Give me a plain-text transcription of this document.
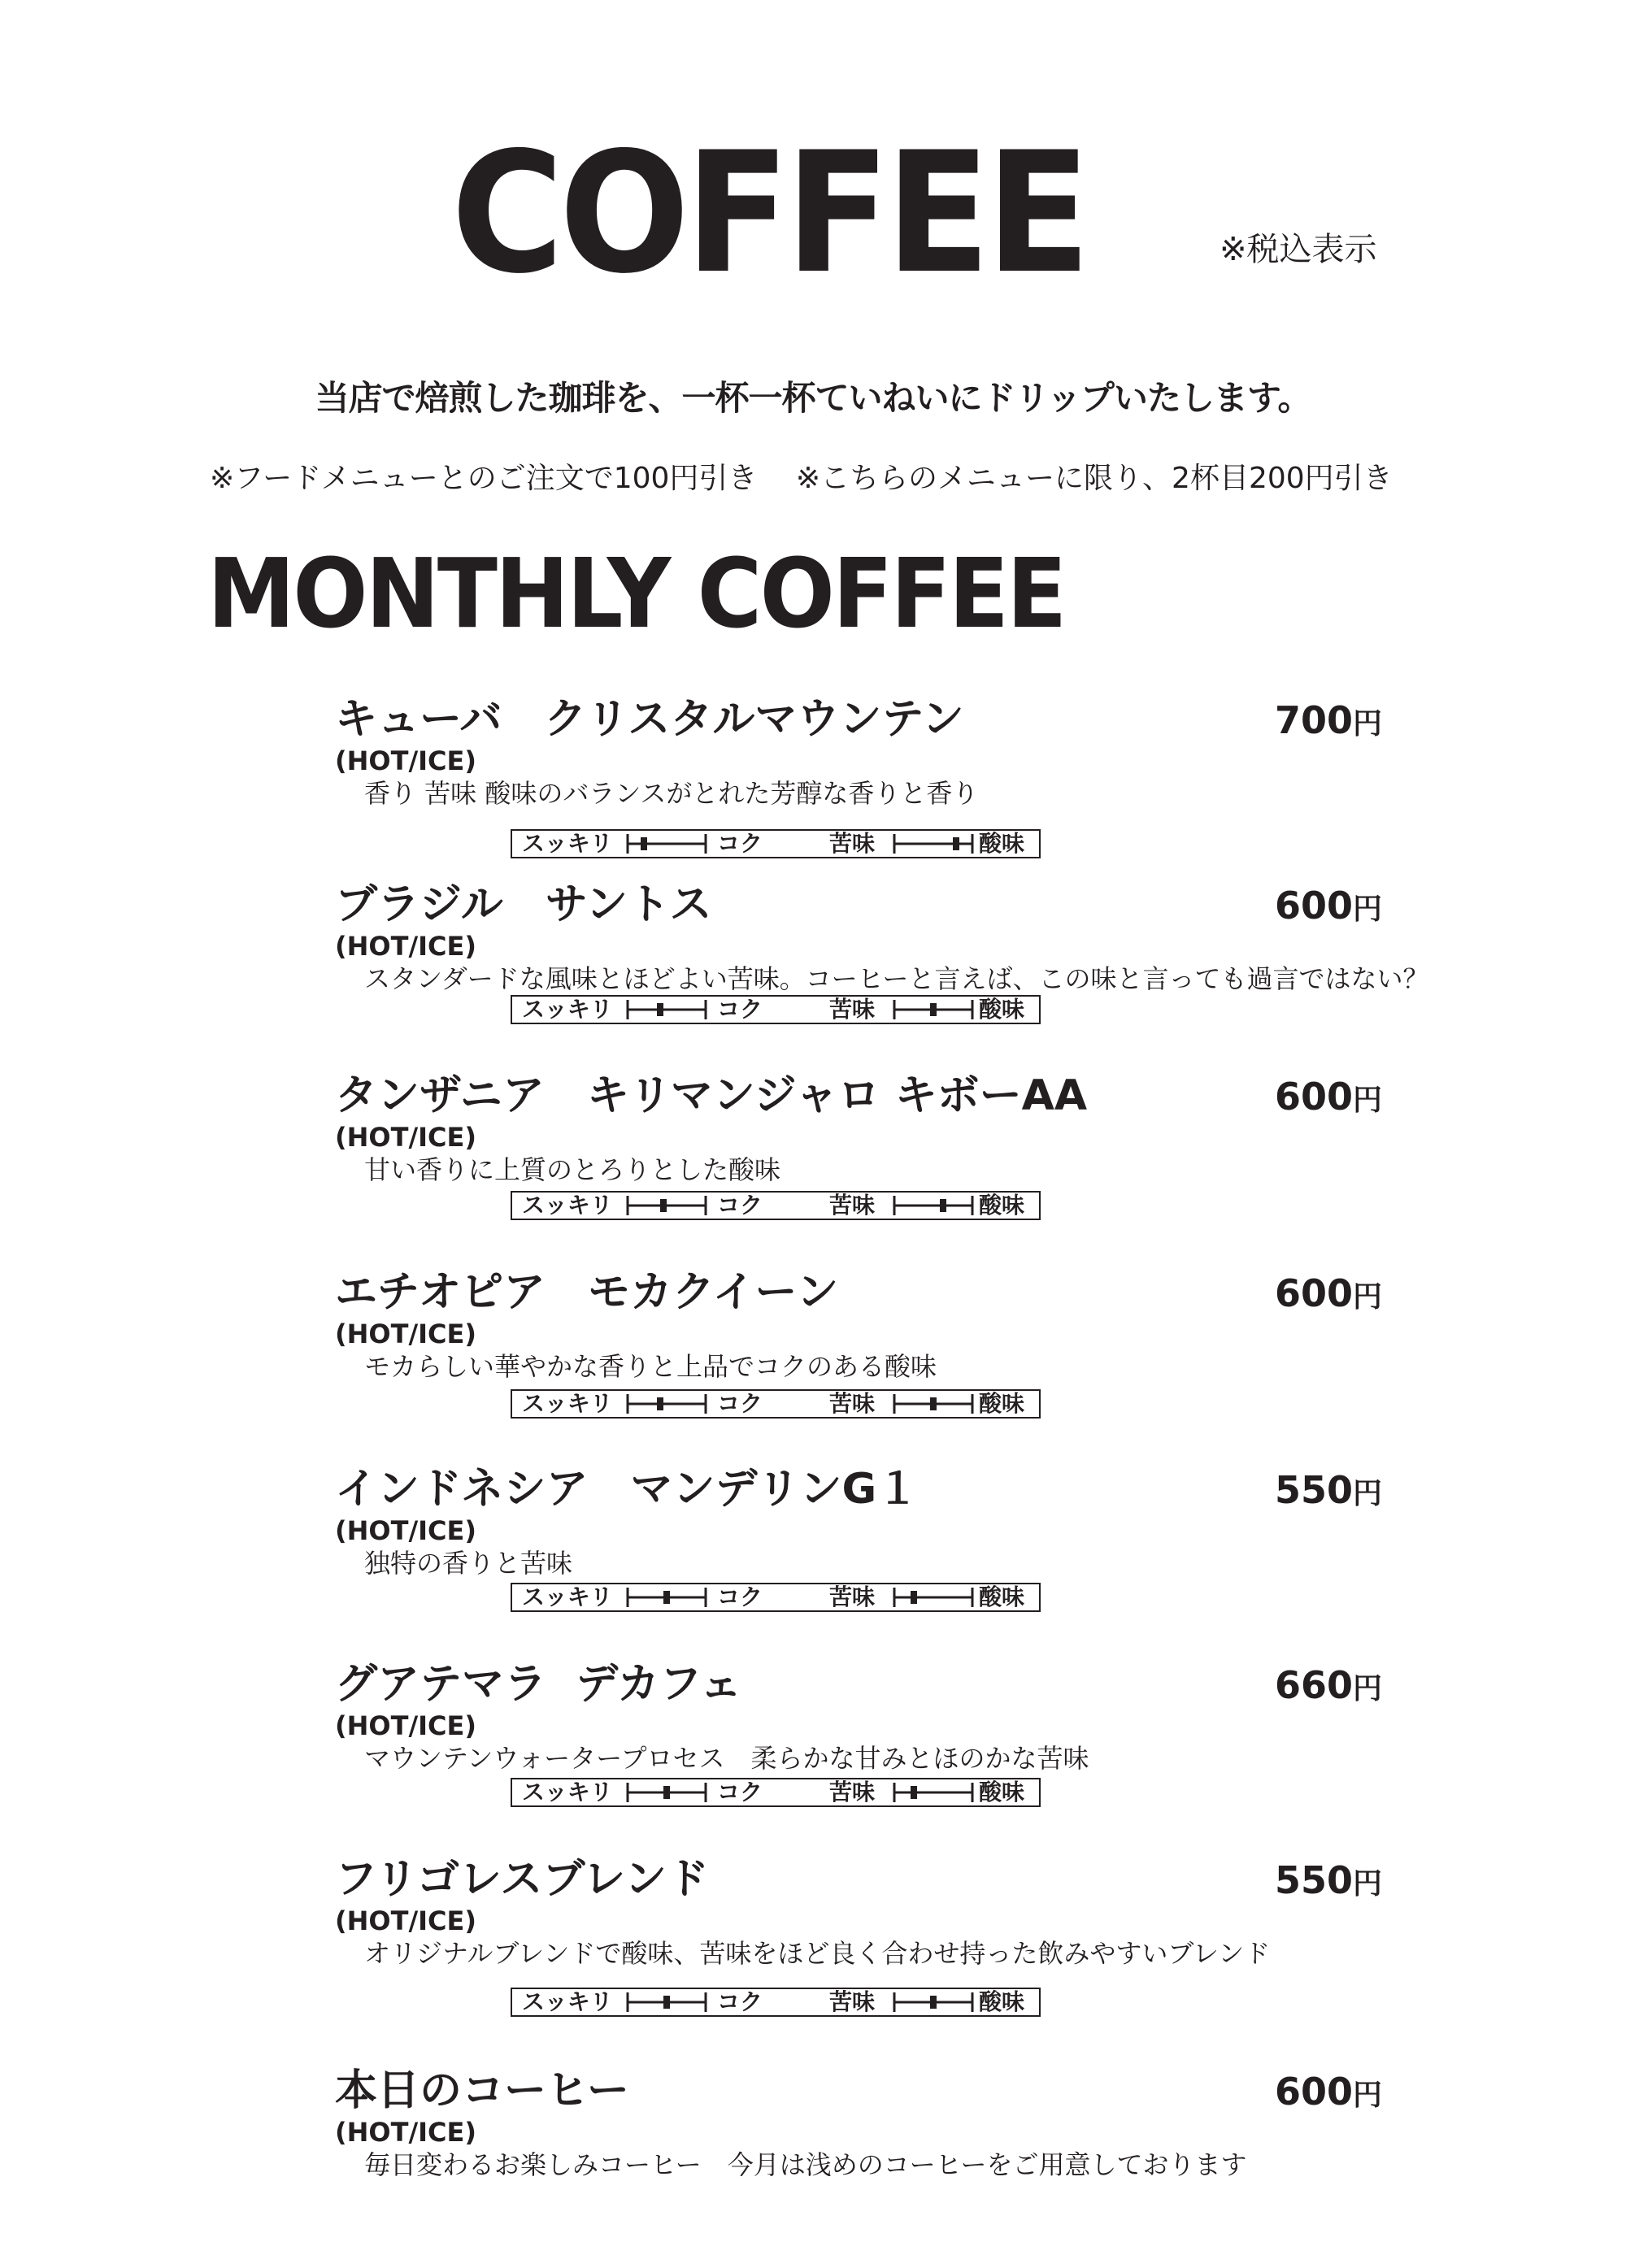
COFFEE	※税込表示
当店で焙煎した珈琲を、一杯一杯ていねいにドリップいたします。
※フードメニューとのご注文で100円引き　 ※こちらのメニューに限り、2杯目200円引き
MONTHLY COFFEE
キューバ　クリスタルマウンテン	700円
(HOT/ICE)
香り 苦味 酸味のバランスがとれた芳醇な香りと香り
スッキリ	コク	苦味	酸味
ブラジル　サントス	600円
(HOT/ICE)
スタンダードな風味とほどよい苦味。コーヒーと言えば、この味と言っても過言ではない？
スッキリ	コク	苦味	酸味
タンザニア　キリマンジャロ キボーAA	600円
(HOT/ICE)
甘い香りに上質のとろりとした酸味
スッキリ	コク	苦味	酸味
エチオピア　モカクイーン	600円
(HOT/ICE)
モカらしい華やかな香りと上品でコクのある酸味
スッキリ	コク	苦味	酸味
インドネシア　マンデリンG１	550円
(HOT/ICE)
独特の香りと苦味
スッキリ	コク	苦味	酸味
グアテマラ  デカフェ	660円
(HOT/ICE)
マウンテンウォータープロセス　柔らかな甘みとほのかな苦味
スッキリ	コク	苦味	酸味
フリゴレスブレンド	550円
(HOT/ICE)
オリジナルブレンドで酸味、苦味をほど良く合わせ持った飲みやすいブレンド
スッキリ	コク	苦味	酸味
本日のコーヒー	600円
(HOT/ICE)
毎日変わるお楽しみコーヒー　今月は浅めのコーヒーをご用意しております
